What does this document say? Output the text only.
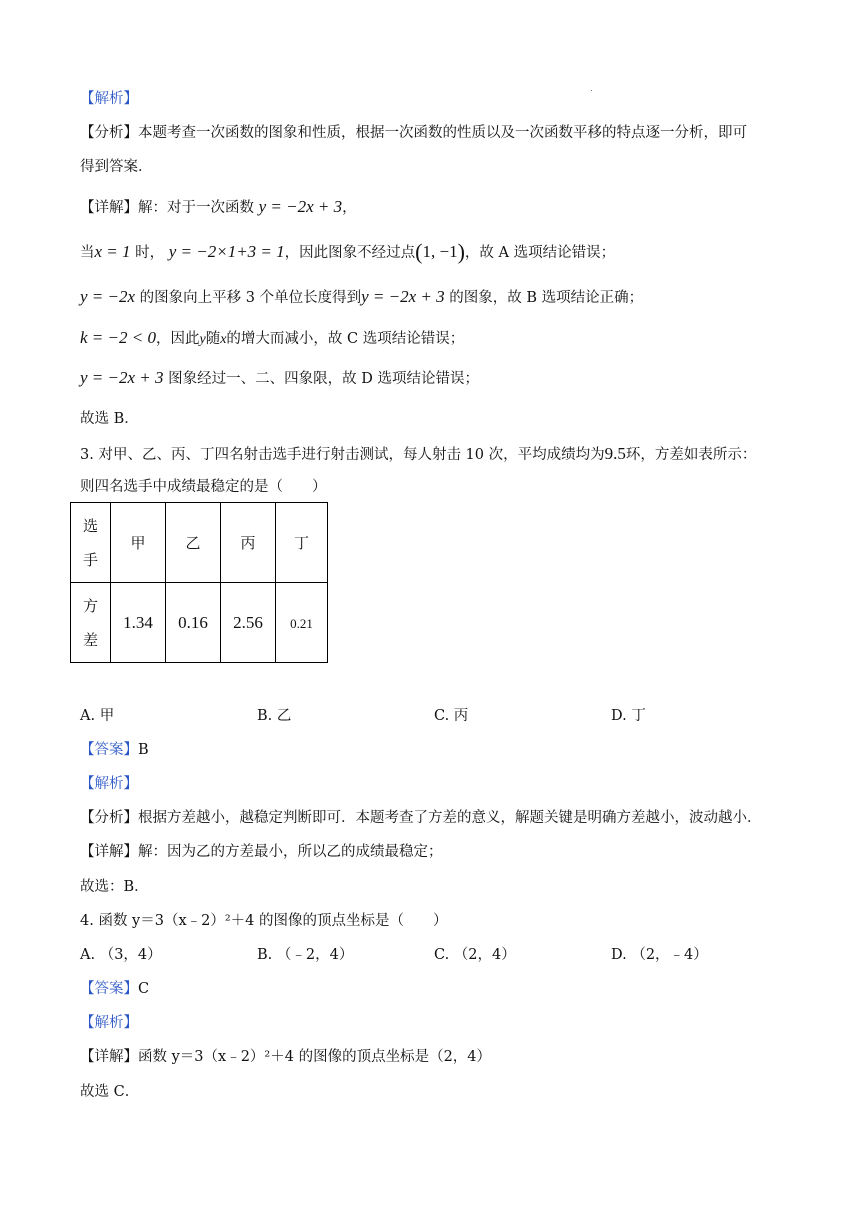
【解析】
【分析】本题考查一次函数的图象和性质，根据一次函数的性质以及一次函数平移的特点逐一分析，即可
得到答案．
【详解】解：对于一次函数 y = −2x + 3，
当x = 1 时， y = −2×1+3 = 1，因此图象不经过点(1, −1)，故 A 选项结论错误；
y = −2x 的图象向上平移 3 个单位长度得到y = −2x + 3 的图象，故 B 选项结论正确；
k = −2 < 0，因此y随x的增大而减小，故 C 选项结论错误；
y = −2x + 3 图象经过一、二、四象限，故 D 选项结论错误；
故选 B．
3. 对甲、乙、丙、丁四名射击选手进行射击测试，每人射击 10 次，平均成绩均为9.5环，方差如表所示：
则四名选手中成绩最稳定的是（　　）
选
手	甲	乙	丙	丁
方
差	1.34	0.16	2.56	0.21
A. 甲	B. 乙	C. 丙	D. 丁
【答案】B
【解析】
【分析】根据方差越小，越稳定判断即可．本题考查了方差的意义，解题关键是明确方差越小，波动越小．
【详解】解：因为乙的方差最小，所以乙的成绩最稳定；
故选：B．
4. 函数 y＝3（x﹣2）²＋4 的图像的顶点坐标是（　　）
A. （3，4）	B. （﹣2，4）	C. （2，4）	D. （2，﹣4）
【答案】C
【解析】
【详解】函数 y＝3（x﹣2）²＋4 的图像的顶点坐标是（2，4）
故选 C．
